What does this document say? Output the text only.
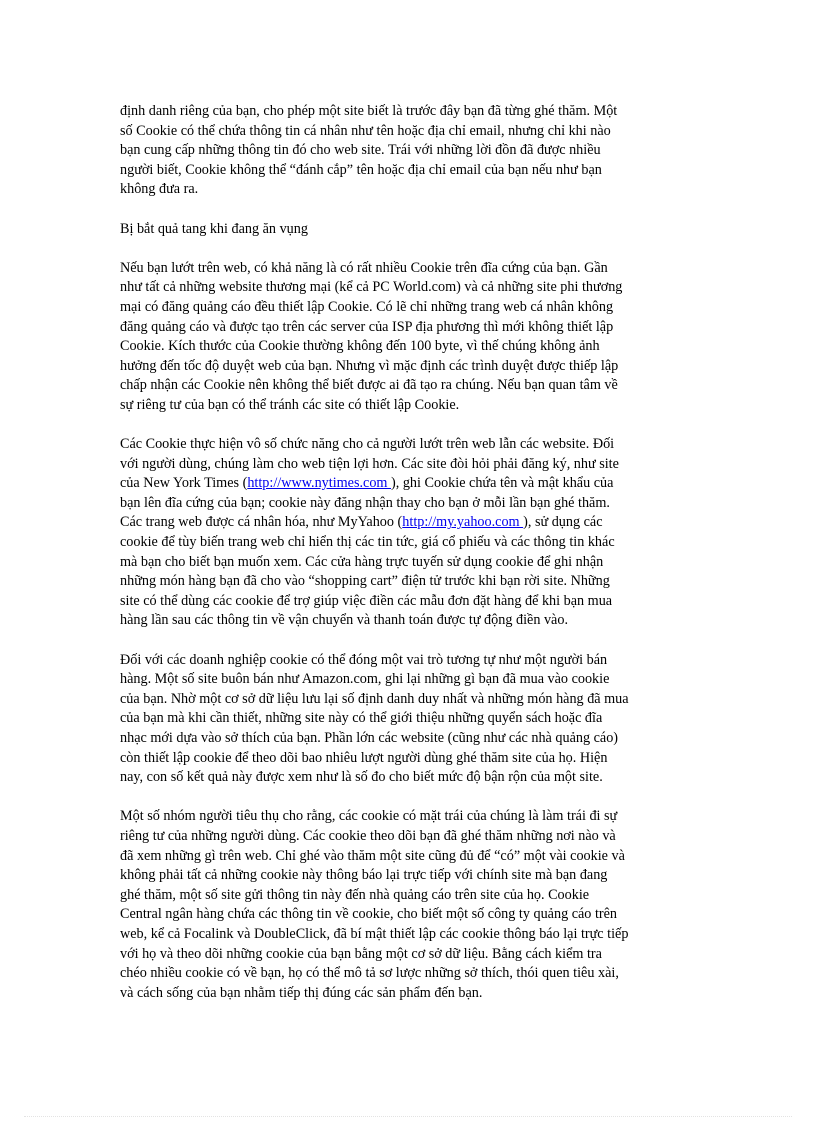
định danh riêng của bạn, cho phép một site biết là trước đây bạn đã từng ghé thăm. Một
số Cookie có thể chứa thông tin cá nhân như tên hoặc địa chỉ email, nhưng chỉ khi nào
bạn cung cấp những thông tin đó cho web site. Trái với những lời đồn đã được nhiều
người biết, Cookie không thể “đánh cắp” tên hoặc địa chỉ email của bạn nếu như bạn
không đưa ra.
Bị bắt quả tang khi đang ăn vụng
Nếu bạn lướt trên web, có khả năng là có rất nhiều Cookie trên đĩa cứng của bạn. Gần
như tất cả những website thương mại (kể cả PC World.com) và cả những site phi thương
mại có đăng quảng cáo đều thiết lập Cookie. Có lẽ chỉ những trang web cá nhân không
đăng quảng cáo và được tạo trên các server của ISP địa phương thì mới không thiết lập
Cookie. Kích thước của Cookie thường không đến 100 byte, vì thế chúng không ảnh
hưởng đến tốc độ duyệt web của bạn. Nhưng vì mặc định các trình duyệt được thiếp lập
chấp nhận các Cookie nên không thể biết được ai đã tạo ra chúng. Nếu bạn quan tâm về
sự riêng tư của bạn có thể tránh các site có thiết lập Cookie.
Các Cookie thực hiện vô số chức năng cho cả người lướt trên web lẫn các website. Đối
với người dùng, chúng làm cho web tiện lợi hơn. Các site đòi hỏi phải đăng ký, như site
của New York Times (http://www.nytimes.com ), ghi Cookie chứa tên và mật khẩu của
bạn lên đĩa cứng của bạn; cookie này đăng nhận thay cho bạn ở mỗi lần bạn ghé thăm.
Các trang web được cá nhân hóa, như MyYahoo (http://my.yahoo.com ), sử dụng các
cookie để tùy biến trang web chỉ hiển thị các tin tức, giá cổ phiếu và các thông tin khác
mà bạn cho biết bạn muốn xem. Các cửa hàng trực tuyến sử dụng cookie để ghi nhận
những món hàng bạn đã cho vào “shopping cart” điện tử trước khi bạn rời site. Những
site có thể dùng các cookie để trợ giúp việc điền các mẫu đơn đặt hàng để khi bạn mua
hàng lần sau các thông tin về vận chuyển và thanh toán được tự động điền vào.
Đối với các doanh nghiệp cookie có thể đóng một vai trò tương tự như một người bán
hàng. Một số site buôn bán như Amazon.com, ghi lại những gì bạn đã mua vào cookie
của bạn. Nhờ một cơ sở dữ liệu lưu lại số định danh duy nhất và những món hàng đã mua
của bạn mà khi cần thiết, những site này có thể giới thiệu những quyển sách hoặc đĩa
nhạc mới dựa vào sở thích của bạn. Phần lớn các website (cũng như các nhà quảng cáo)
còn thiết lập cookie để theo dõi bao nhiêu lượt người dùng ghé thăm site của họ. Hiện
nay, con số kết quả này được xem như là số đo cho biết mức độ bận rộn của một site.
Một số nhóm người tiêu thụ cho rằng, các cookie có mặt trái của chúng là làm trái đi sự
riêng tư của những người dùng. Các cookie theo dõi bạn đã ghé thăm những nơi nào và
đã xem những gì trên web. Chỉ ghé vào thăm một site cũng đủ để “có” một vài cookie và
không phải tất cả những cookie này thông báo lại trực tiếp với chính site mà bạn đang
ghé thăm, một số site gửi thông tin này đến nhà quảng cáo trên site của họ. Cookie
Central ngân hàng chứa các thông tin về cookie, cho biết một số công ty quảng cáo trên
web, kể cả Focalink và DoubleClick, đã bí mật thiết lập các cookie thông báo lại trực tiếp
với họ và theo dõi những cookie của bạn bằng một cơ sở dữ liệu. Bằng cách kiểm tra
chéo nhiều cookie có về bạn, họ có thể mô tả sơ lược những sở thích, thói quen tiêu xài,
và cách sống của bạn nhằm tiếp thị đúng các sản phẩm đến bạn.
